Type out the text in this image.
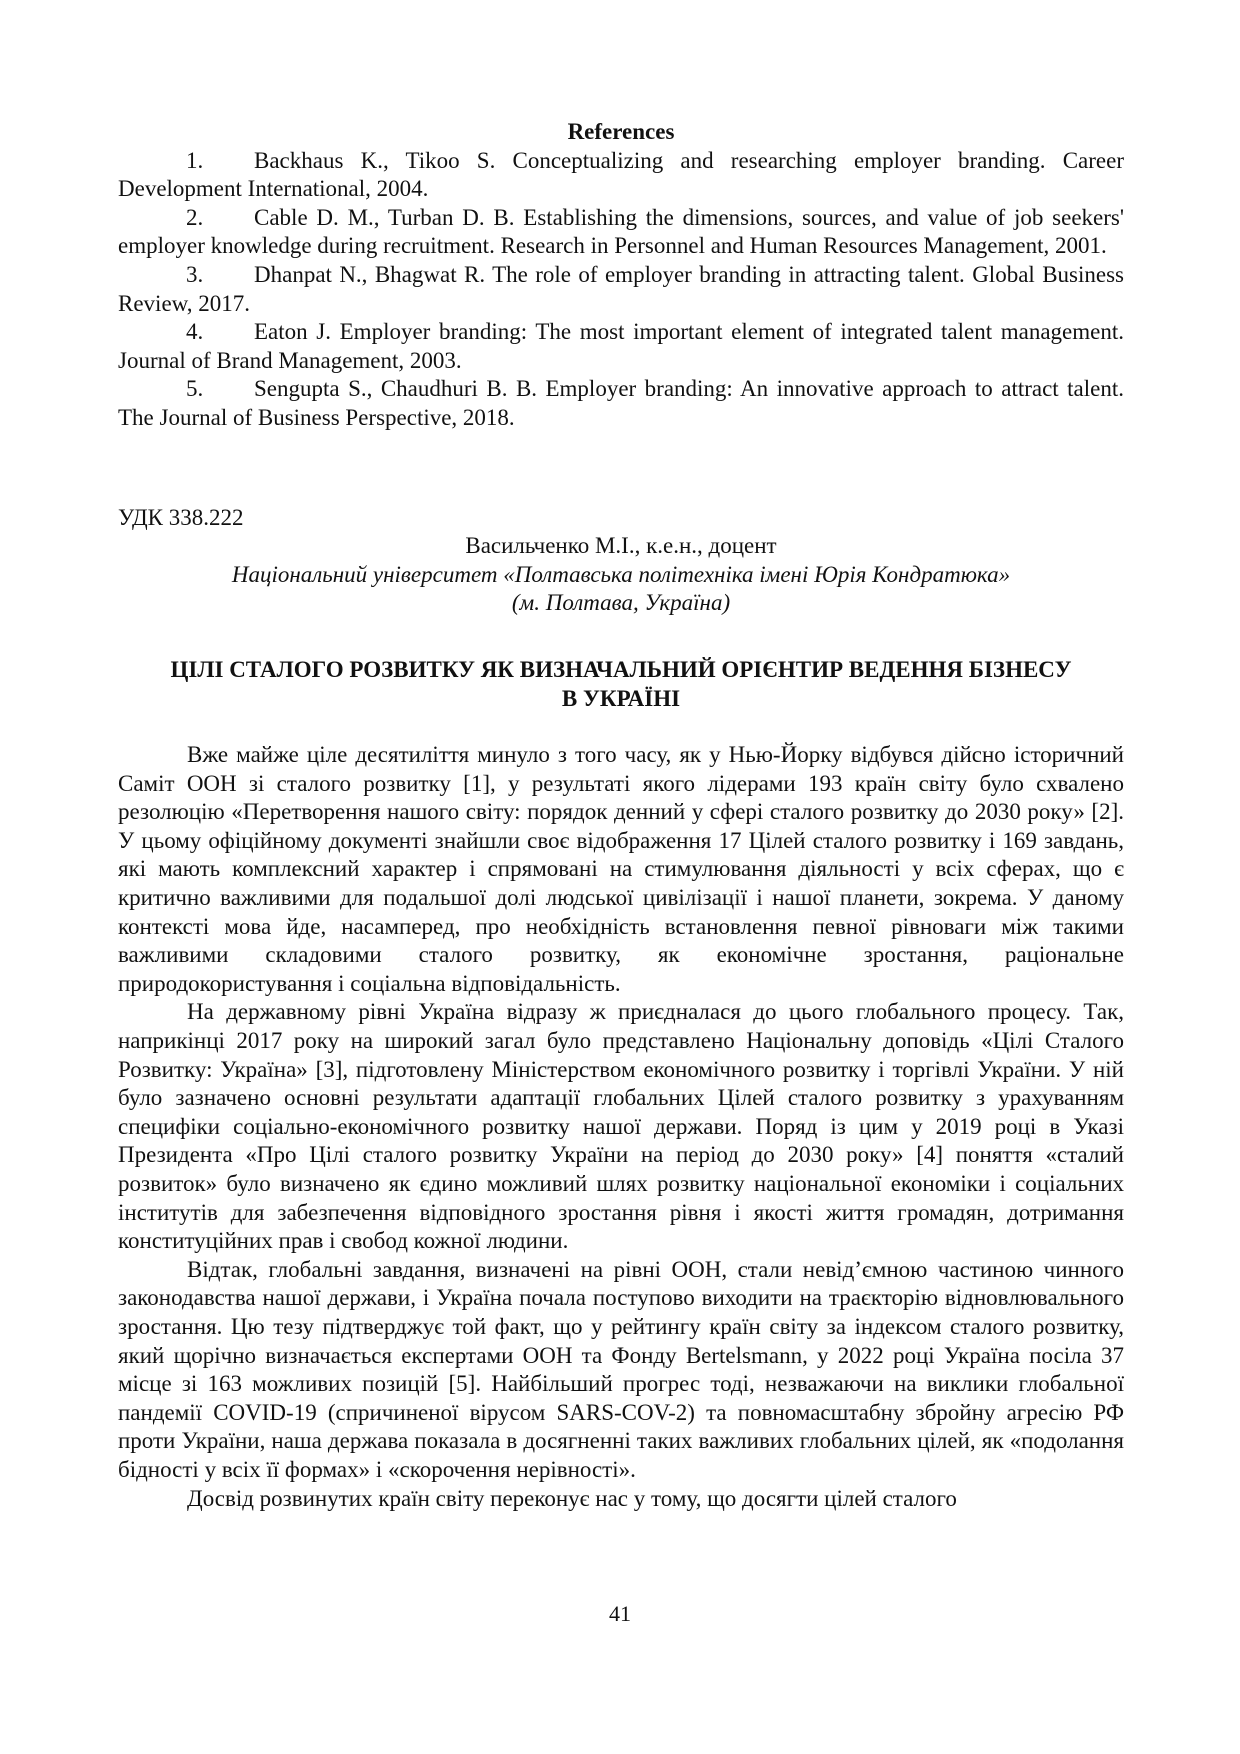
References

1. Backhaus K., Tikoo S. Conceptualizing and researching employer branding. Career Development International, 2004.

2. Cable D. M., Turban D. B. Establishing the dimensions, sources, and value of job seekers' employer knowledge during recruitment. Research in Personnel and Human Resources Management, 2001.

3. Dhanpat N., Bhagwat R. The role of employer branding in attracting talent. Global Business Review, 2017.

4. Eaton J. Employer branding: The most important element of integrated talent management. Journal of Brand Management, 2003.

5. Sengupta S., Chaudhuri B. B. Employer branding: An innovative approach to attract talent. The Journal of Business Perspective, 2018.

УДК 338.222

Васильченко М.І., к.е.н., доцент

Національний університет «Полтавська політехніка імені Юрія Кондратюка»

(м. Полтава, Україна)

ЦІЛІ СТАЛОГО РОЗВИТКУ ЯК ВИЗНАЧАЛЬНИЙ ОРІЄНТИР ВЕДЕННЯ БІЗНЕСУ
В УКРАЇНІ

Вже майже ціле десятиліття минуло з того часу, як у Нью-Йорку відбувся дійсно історичний Саміт ООН зі сталого розвитку [1], у результаті якого лідерами 193 країн світу було схвалено резолюцію «Перетворення нашого світу: порядок денний у сфері сталого розвитку до 2030 року» [2]. У цьому офіційному документі знайшли своє відображення 17 Цілей сталого розвитку і 169 завдань, які мають комплексний характер і спрямовані на стимулювання діяльності у всіх сферах, що є критично важливими для подальшої долі людської цивілізації і нашої планети, зокрема. У даному контексті мова йде, насамперед, про необхідність встановлення певної рівноваги між такими важливими складовими сталого розвитку, як економічне зростання, раціональне природокористування і соціальна відповідальність.

На державному рівні Україна відразу ж приєдналася до цього глобального процесу. Так, наприкінці 2017 року на широкий загал було представлено Національну доповідь «Цілі Сталого Розвитку: Україна» [3], підготовлену Міністерством економічного розвитку і торгівлі України. У ній було зазначено основні результати адаптації глобальних Цілей сталого розвитку з урахуванням специфіки соціально-економічного розвитку нашої держави. Поряд із цим у 2019 році в Указі Президента «Про Цілі сталого розвитку України на період до 2030 року» [4] поняття «сталий розвиток» було визначено як єдино можливий шлях розвитку національної економіки і соціальних інститутів для забезпечення відповідного зростання рівня і якості життя громадян, дотримання конституційних прав і свобод кожної людини.

Відтак, глобальні завдання, визначені на рівні ООН, стали невід’ємною частиною чинного законодавства нашої держави, і Україна почала поступово виходити на траєкторію відновлювального зростання. Цю тезу підтверджує той факт, що у рейтингу країн світу за індексом сталого розвитку, який щорічно визначається експертами ООН та Фонду Bertelsmann, у 2022 році Україна посіла 37 місце зі 163 можливих позицій [5]. Найбільший прогрес тоді, незважаючи на виклики глобальної пандемії COVID-19 (спричиненої вірусом SARS-COV-2) та повномасштабну збройну агресію РФ проти України, наша держава показала в досягненні таких важливих глобальних цілей, як «подолання бідності у всіх її формах» і «скорочення нерівності».

Досвід розвинутих країн світу переконує нас у тому, що досягти цілей сталого

41
